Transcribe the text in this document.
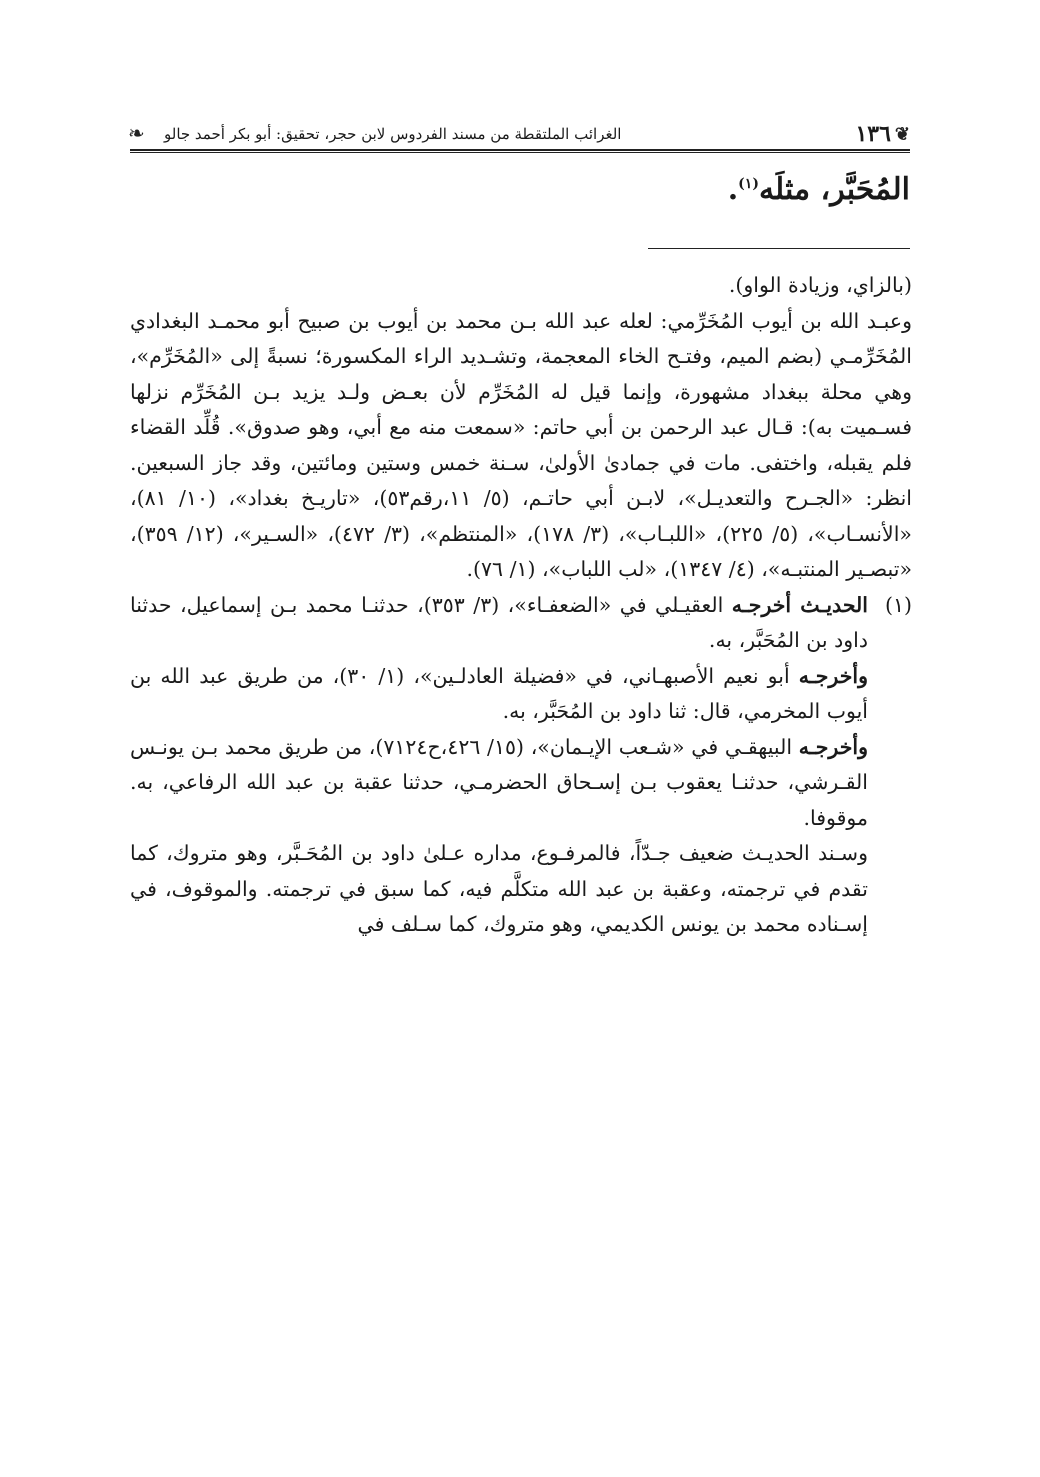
❦
١٣٦
الغرائب الملتقطة من مسند الفردوس لابن حجر، تحقيق: أبو بكر أحمد جالو
❧
المُحَبَّر، مثلَه$^{(١)}$.

(بالزاي، وزيادة الواو).

وعبـد الله بن أيوب المُخَرِّمي: لعله عبد الله بـن محمد بن أيوب بن صبيح أبو محمـد البغدادي المُخَرِّمـي (بضم الميم، وفتـح الخاء المعجمة، وتشـديد الراء المكسورة؛ نسبةً إلى «المُخَرِّم»، وهي محلة ببغداد مشهورة، وإنما قيل له المُخَرِّم لأن بعـض ولـد يزيد بـن المُخَرِّم نزلها فسـميت به): قـال عبد الرحمن بن أبي حاتم: «سمعت منه مع أبي، وهو صدوق». قُلِّد القضاء فلم يقبله، واختفى. مات في جمادىٰ الأولىٰ، سـنة خمس وستين ومائتين، وقد جاز السبعين. انظر: «الجـرح والتعديـل»، لابـن أبي حاتـم، (٥/ ١١،رقم٥٣)، «تاريـخ بغداد»، (١٠/ ٨١)، «الأنسـاب»، (٥/ ٢٢٥)، «اللبـاب»، (٣/ ١٧٨)، «المنتظم»، (٣/ ٤٧٢)، «السـير»، (١٢/ ٣٥٩)، «تبصـير المنتبـه»، (٤/ ١٣٤٧)، «لب اللباب»، (١/ ٧٦).

(١)

الحديـث أخرجـه العقيـلي في «الضعفـاء»، (٣/ ٣٥٣)، حدثنـا محمد بـن إسماعيل، حدثنا داود بن المُحَبَّر، به.

وأخرجـه أبو نعيم الأصبهـاني، في «فضيلة العادلـين»، (١/ ٣٠)، من طريق عبد الله بن أيوب المخرمي، قال: ثنا داود بن المُحَبَّر، به.

وأخرجـه البيهقـي في «شـعب الإيـمان»، (١٥/ ٤٢٦،ح٧١٢٤)، من طريق محمد بـن يونـس القـرشي، حدثنـا يعقوب بـن إسـحاق الحضرمـي، حدثنا عقبة بن عبد الله الرفاعي، به. موقوفا.

وسـند الحديـث ضعيف جـدّاً، فالمرفـوع، مداره عـلىٰ داود بن المُحَـبَّر، وهو متروك، كما تقدم في ترجمته، وعقبة بن عبد الله متكلَّم فيه، كما سبق في ترجمته. والموقوف، في إسـناده محمد بن يونس الكديمي، وهو متروك، كما سـلف في
